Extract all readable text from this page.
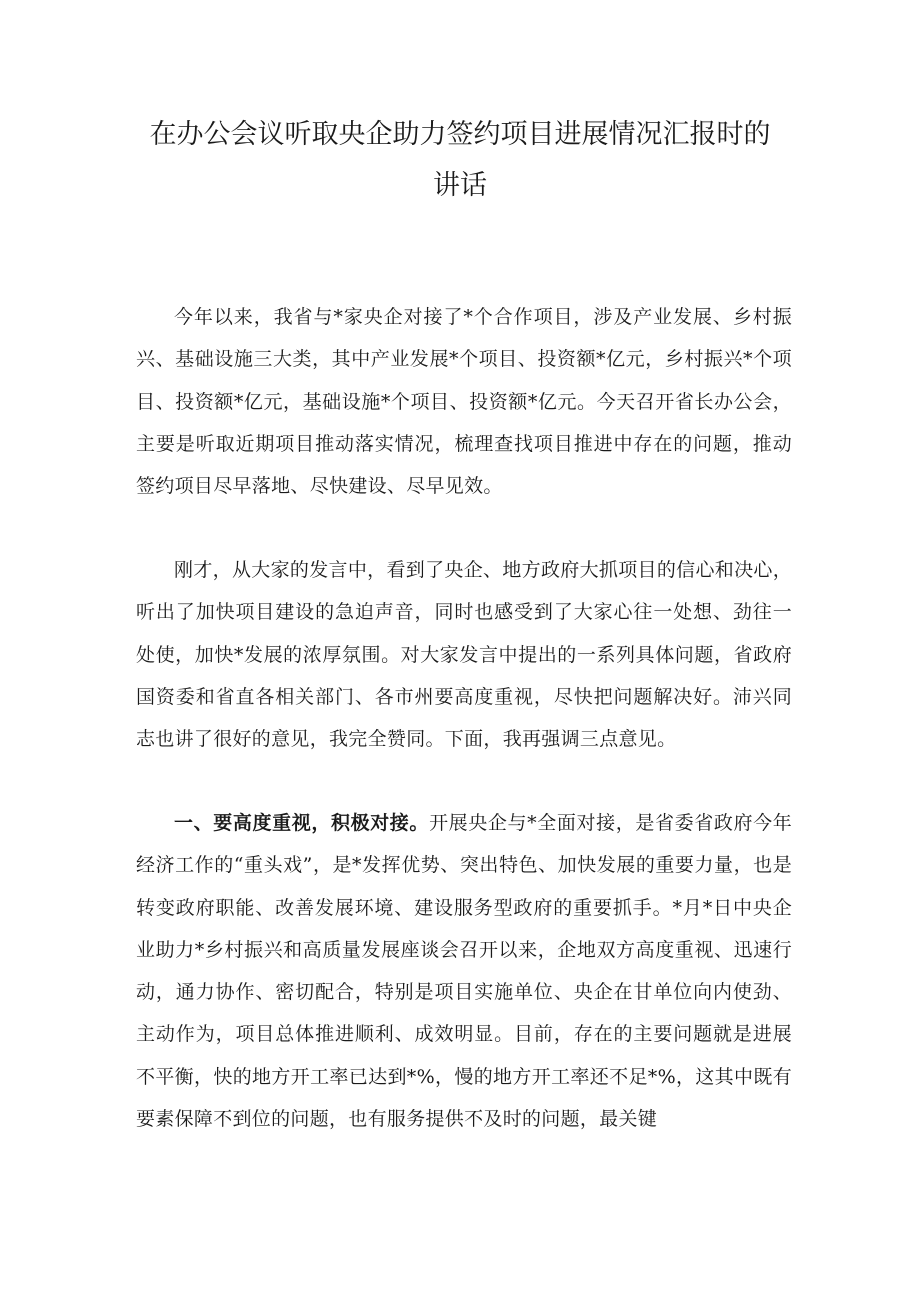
在办公会议听取央企助力签约项目进展情况汇报时的
讲话

今年以来，我省与*家央企对接了*个合作项目，涉及产业发展、乡村振兴、基础设施三大类，其中产业发展*个项目、投资额*亿元，乡村振兴*个项目、投资额*亿元，基础设施*个项目、投资额*亿元。今天召开省长办公会，主要是听取近期项目推动落实情况，梳理查找项目推进中存在的问题，推动签约项目尽早落地、尽快建设、尽早见效。

刚才，从大家的发言中，看到了央企、地方政府大抓项目的信心和决心，听出了加快项目建设的急迫声音，同时也感受到了大家心往一处想、劲往一处使，加快*发展的浓厚氛围。对大家发言中提出的一系列具体问题，省政府国资委和省直各相关部门、各市州要高度重视，尽快把问题解决好。沛兴同志也讲了很好的意见，我完全赞同。下面，我再强调三点意见。

一、要高度重视，积极对接。开展央企与*全面对接，是省委省政府今年经济工作的“重头戏”，是*发挥优势、突出特色、加快发展的重要力量，也是转变政府职能、改善发展环境、建设服务型政府的重要抓手。*月*日中央企业助力*乡村振兴和高质量发展座谈会召开以来，企地双方高度重视、迅速行动，通力协作、密切配合，特别是项目实施单位、央企在甘单位向内使劲、主动作为，项目总体推进顺利、成效明显。目前，存在的主要问题就是进展不平衡，快的地方开工率已达到*%，慢的地方开工率还不足*%，这其中既有要素保障不到位的问题，也有服务提供不及时的问题，最关键
